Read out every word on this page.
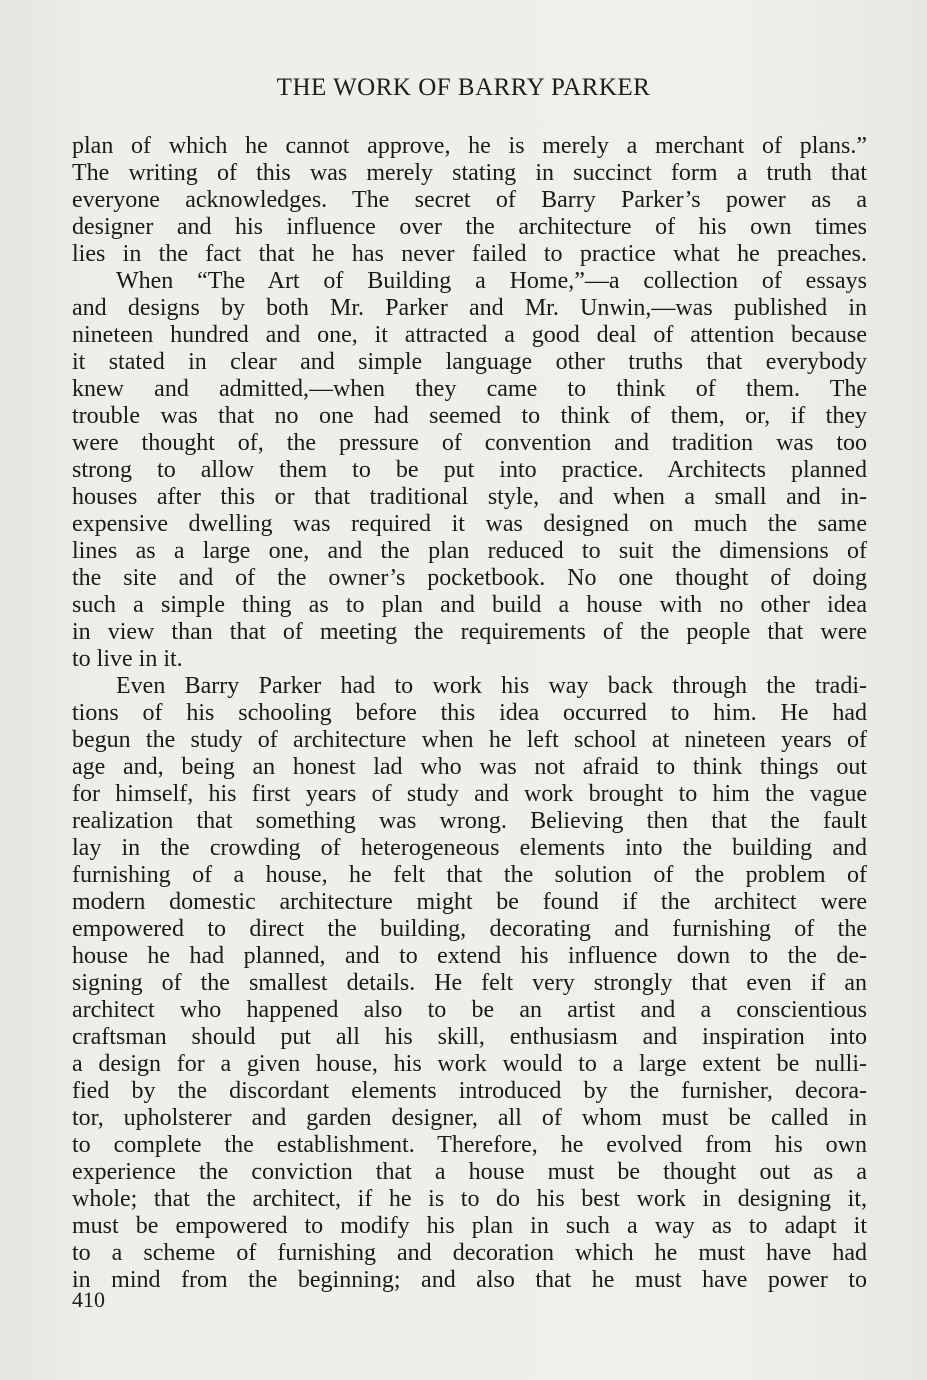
THE WORK OF BARRY PARKER
plan of which he cannot approve, he is merely a merchant of plans.”
The writing of this was merely stating in succinct form a truth that
everyone acknowledges. The secret of Barry Parker’s power as a
designer and his influence over the architecture of his own times
lies in the fact that he has never failed to practice what he preaches.
When “The Art of Building a Home,”—a collection of essays
and designs by both Mr. Parker and Mr. Unwin,—was published in
nineteen hundred and one, it attracted a good deal of attention because
it stated in clear and simple language other truths that everybody
knew and admitted,—when they came to think of them. The
trouble was that no one had seemed to think of them, or, if they
were thought of, the pressure of convention and tradition was too
strong to allow them to be put into practice. Architects planned
houses after this or that traditional style, and when a small and in-
expensive dwelling was required it was designed on much the same
lines as a large one, and the plan reduced to suit the dimensions of
the site and of the owner’s pocketbook. No one thought of doing
such a simple thing as to plan and build a house with no other idea
in view than that of meeting the requirements of the people that were
to live in it.
Even Barry Parker had to work his way back through the tradi-
tions of his schooling before this idea occurred to him. He had
begun the study of architecture when he left school at nineteen years of
age and, being an honest lad who was not afraid to think things out
for himself, his first years of study and work brought to him the vague
realization that something was wrong. Believing then that the fault
lay in the crowding of heterogeneous elements into the building and
furnishing of a house, he felt that the solution of the problem of
modern domestic architecture might be found if the architect were
empowered to direct the building, decorating and furnishing of the
house he had planned, and to extend his influence down to the de-
signing of the smallest details. He felt very strongly that even if an
architect who happened also to be an artist and a conscientious
craftsman should put all his skill, enthusiasm and inspiration into
a design for a given house, his work would to a large extent be nulli-
fied by the discordant elements introduced by the furnisher, decora-
tor, upholsterer and garden designer, all of whom must be called in
to complete the establishment. Therefore, he evolved from his own
experience the conviction that a house must be thought out as a
whole; that the architect, if he is to do his best work in designing it,
must be empowered to modify his plan in such a way as to adapt it
to a scheme of furnishing and decoration which he must have had
in mind from the beginning; and also that he must have power to
410
